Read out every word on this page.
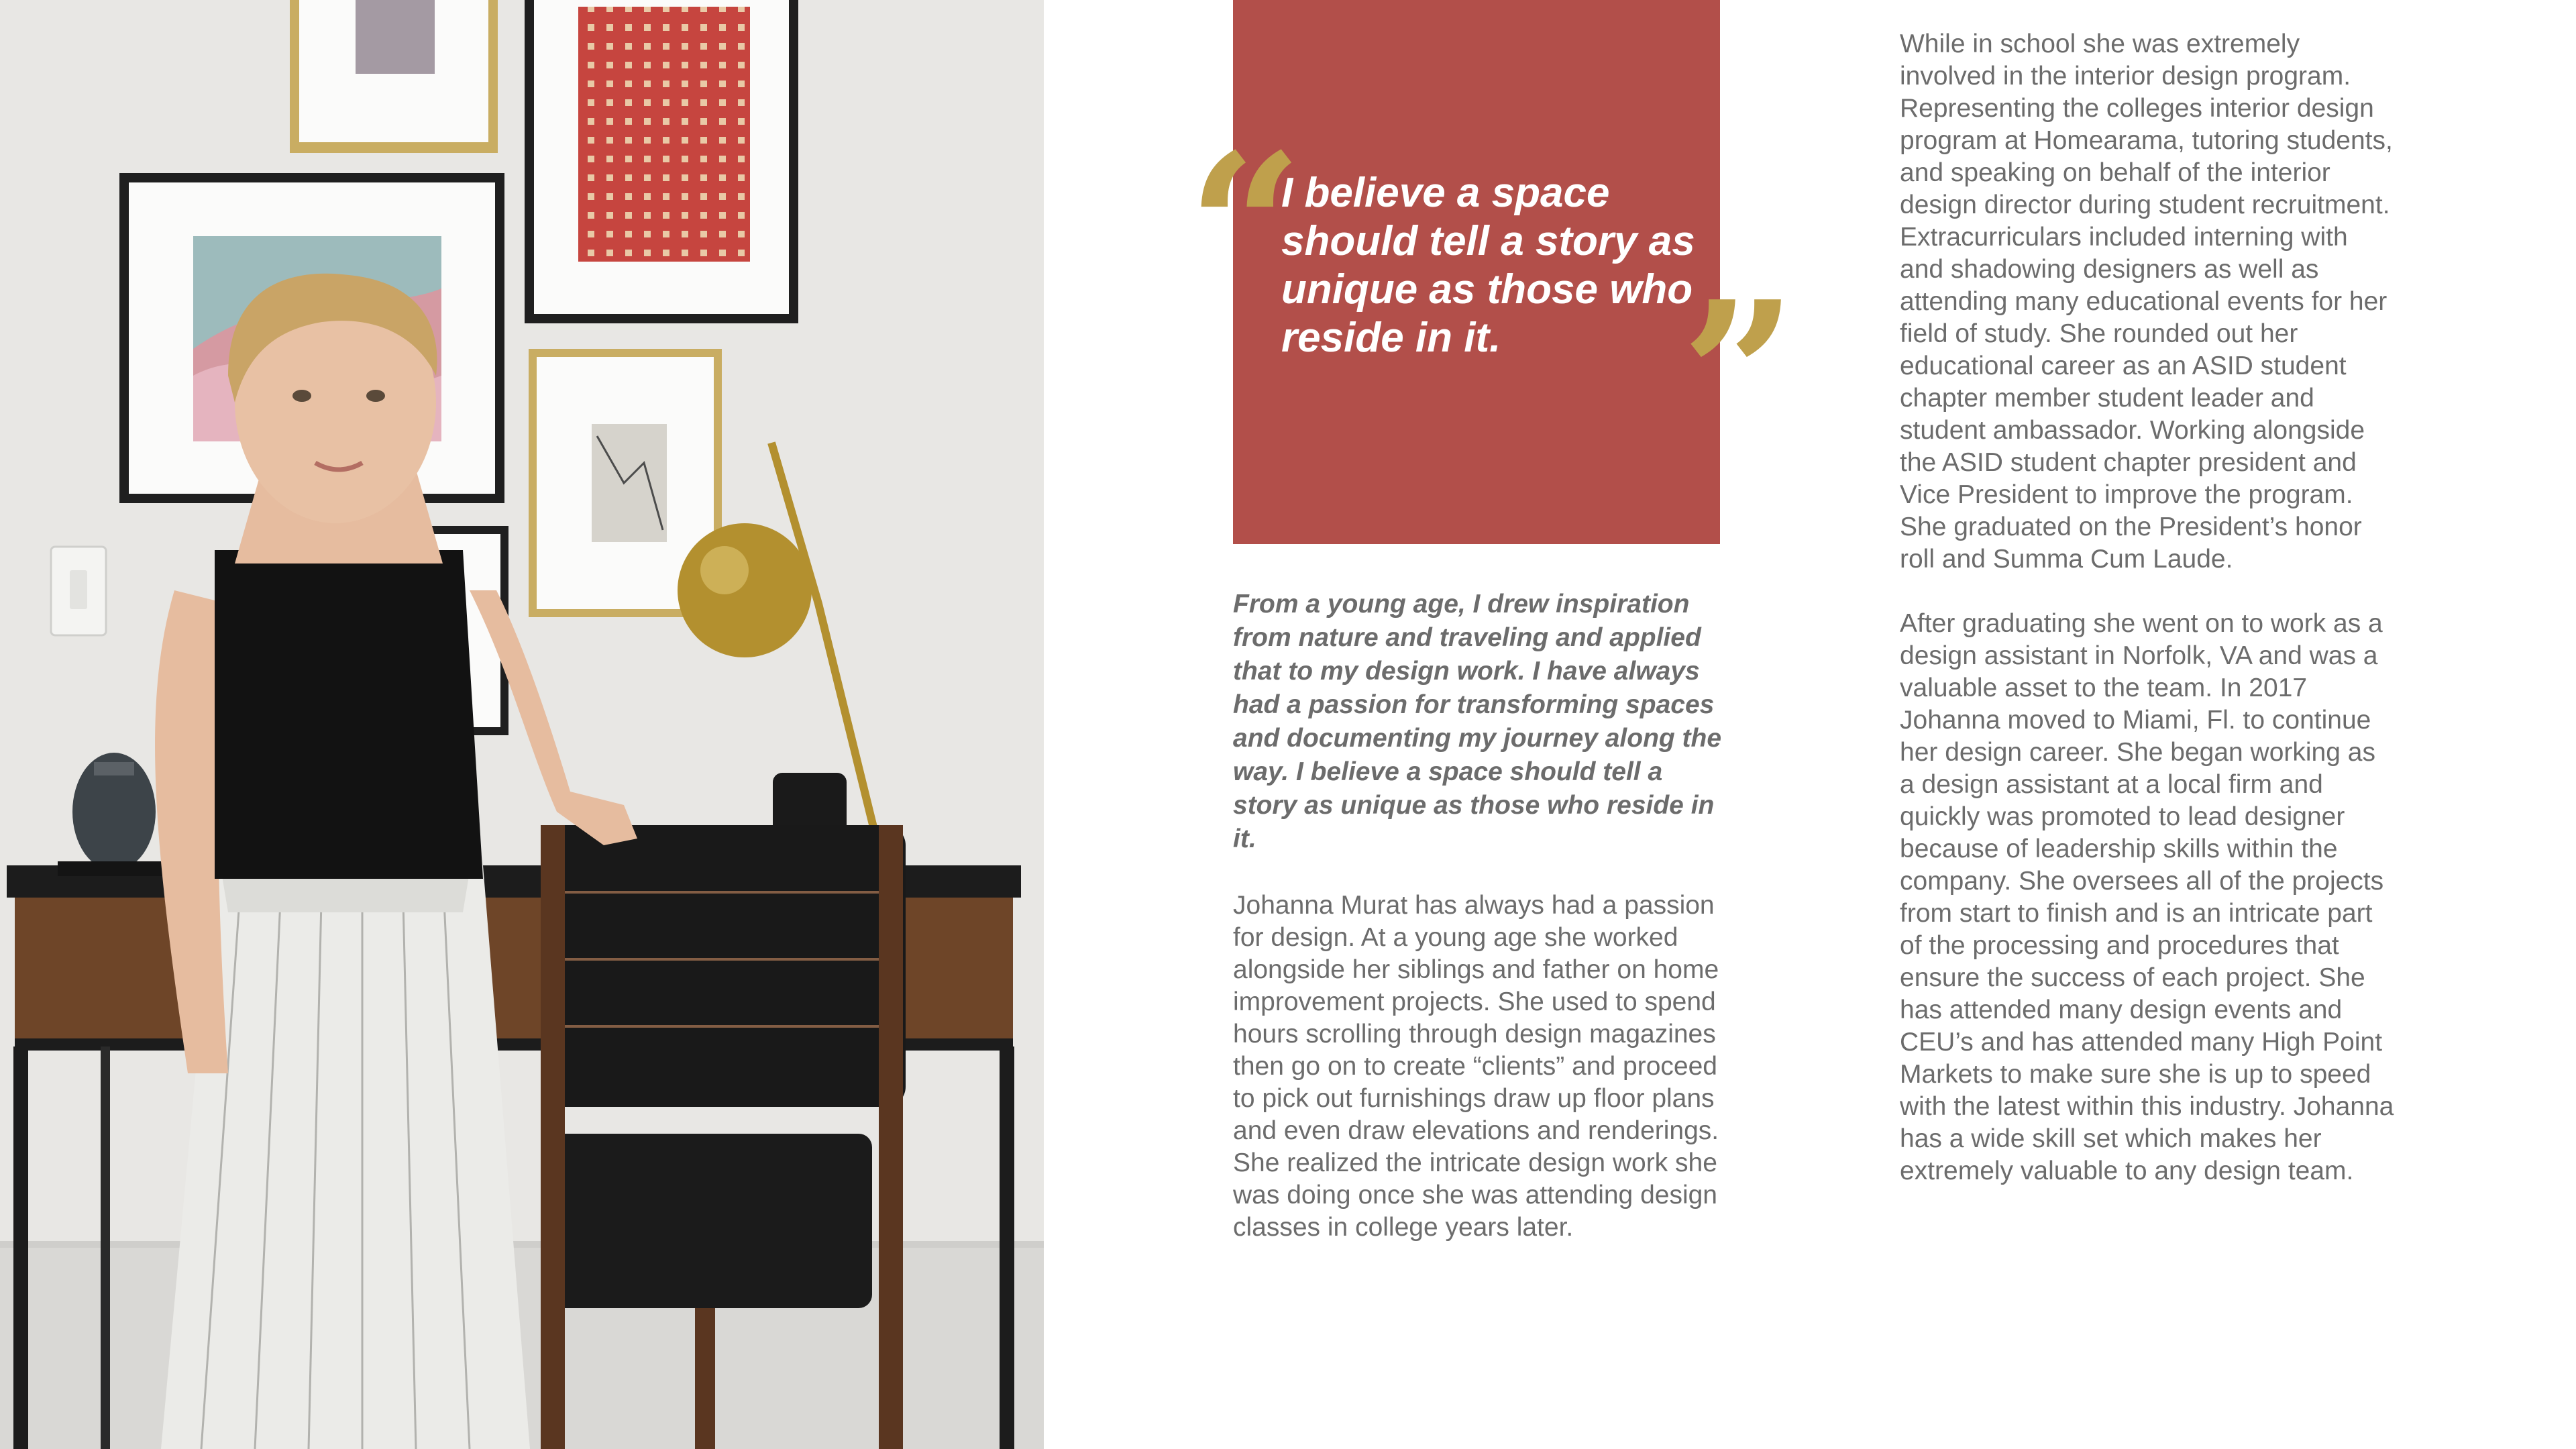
“

I believe a space should tell a story as unique as those who reside in it. ”

From a young age, I drew inspiration from nature and traveling and applied that to my design work. I have always had a passion for transforming spaces and documenting my journey along the way. I believe a space should tell a story as unique as those who reside in it.

Johanna Murat has always had a passion for design. At a young age she worked alongside her siblings and father on home improvement projects. She used to spend hours scrolling through design magazines then go on to create “clients” and proceed to pick out furnishings draw up floor plans and even draw elevations and renderings. She realized the intricate design work she was doing once she was attending design classes in college years later.

While in school she was extremely involved in the interior design program. Representing the colleges interior design program at Homearama, tutoring students, and speaking on behalf of the interior design director during student recruitment. Extracurriculars included interning with and shadowing designers as well as attending many educational events for her field of study. She rounded out her educational career as an ASID student chapter member student leader and student ambassador. Working alongside the ASID student chapter president and Vice President to improve the program. She graduated on the President’s honor roll and Summa Cum Laude.
After graduating she went on to work as a design assistant in Norfolk, VA and was a valuable asset to the team. In 2017 Johanna moved to Miami, Fl. to continue her design career. She began working as a design assistant at a local firm and quickly was promoted to lead designer because of leadership skills within the company. She oversees all of the projects from start to finish and is an intricate part of the processing and procedures that ensure the success of each project. She has attended many design events and CEU’s and has attended many High Point Markets to make sure she is up to speed with the latest within this industry. Johanna has a wide skill set which makes her extremely valuable to any design team.
